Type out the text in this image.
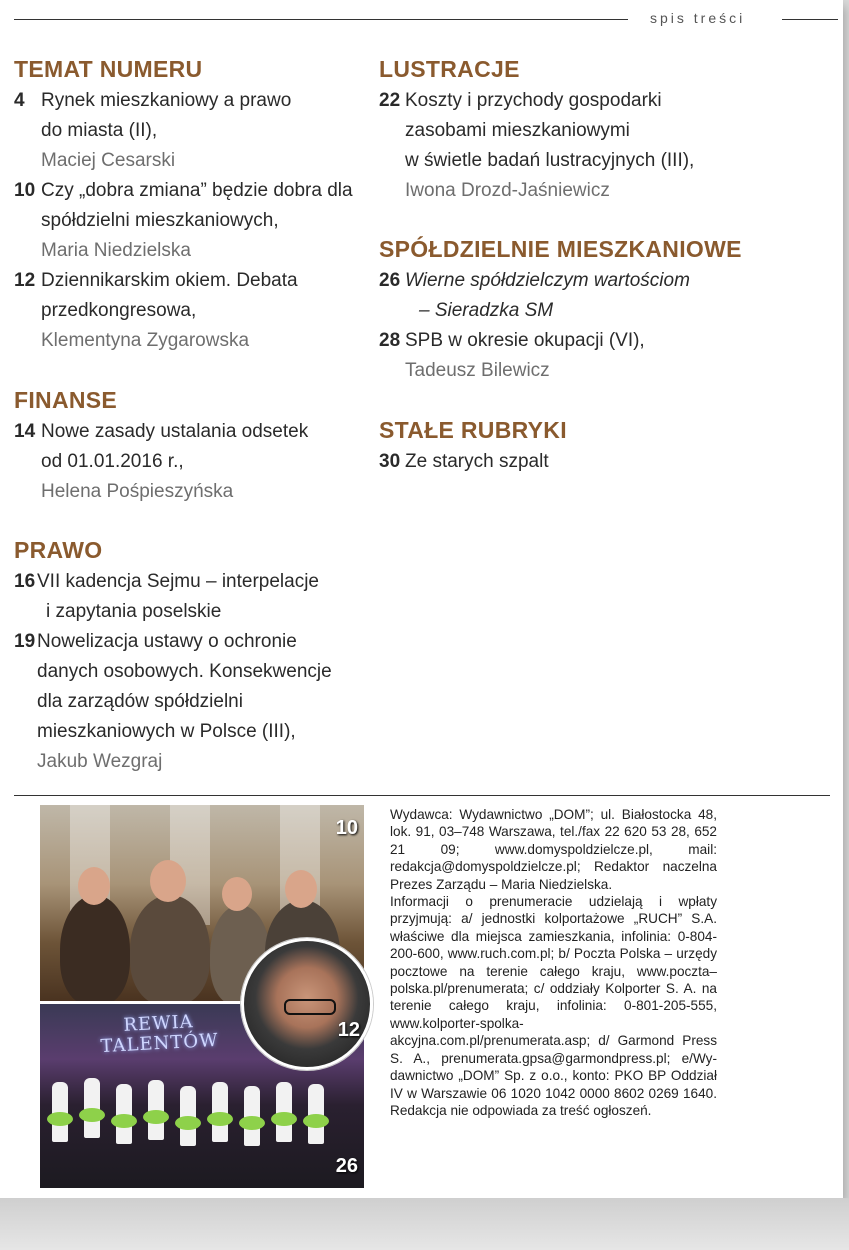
spis treści
TEMAT NUMERU
4 Rynek mieszkaniowy a prawo
do miasta (II),
Maciej Cesarski
10 Czy „dobra zmiana” będzie dobra dla
spółdzielni mieszkaniowych,
Maria Niedzielska
12 Dziennikarskim okiem. Debata
przedkongresowa,
Klementyna Zygarowska
FINANSE
14 Nowe zasady ustalania odsetek
od 01.01.2016 r.,
Helena Pośpieszyńska
PRAWO
16 VII kadencja Sejmu – interpelacje
i zapytania poselskie
19 Nowelizacja ustawy o ochronie
danych osobowych. Konsekwencje
dla zarządów spółdzielni
mieszkaniowych w Polsce (III),
Jakub Wezgraj
LUSTRACJE
22 Koszty i przychody gospodarki
zasobami mieszkaniowymi
w świetle badań lustracyjnych (III),
Iwona Drozd-Jaśniewicz
SPÓŁDZIELNIE MIESZKANIOWE
26 Wierne spółdzielczym wartościom
– Sieradzka SM
28 SPB w okresie okupacji (VI),
Tadeusz Bilewicz
STAŁE RUBRYKI
30 Ze starych szpalt
10
REWIA
TALENTÓW
26
12

Wydawca: Wydawnictwo „DOM”; ul. Białostocka 48, lok. 91, 03–748 Warszawa, tel./fax 22 620 53 28, 652 21 09; www.domyspoldzielcze.pl, mail: redakcja@domyspoldzielcze.pl; Redaktor naczelna Prezes Zarządu – Maria Niedzielska.

Informacji o prenumeracie udzielają i wpłaty przyjmują: a/ jednostki kolportażowe „RUCH” S.A. właściwe dla miejsca zamieszkania, infolinia: 0-804-200-600, www.ruch.com.pl; b/ Poczta Polska – urzędy pocztowe na terenie całego kraju, www.poczta–polska.pl/prenumerata; c/ oddziały Kolporter S. A. na terenie całego kraju, infolinia: 0-801-205-555, www.kolporter-spolka-akcyjna.com.pl/prenumerata.asp; d/ Garmond Press S. A., prenumerata.gpsa@garmondpress.pl; e/Wydawnictwo „DOM” Sp. z o.o., konto: PKO BP Oddział IV w Warszawie 06 1020 1042 0000 8602 0269 1640. Redakcja nie odpowiada za treść ogłoszeń.
